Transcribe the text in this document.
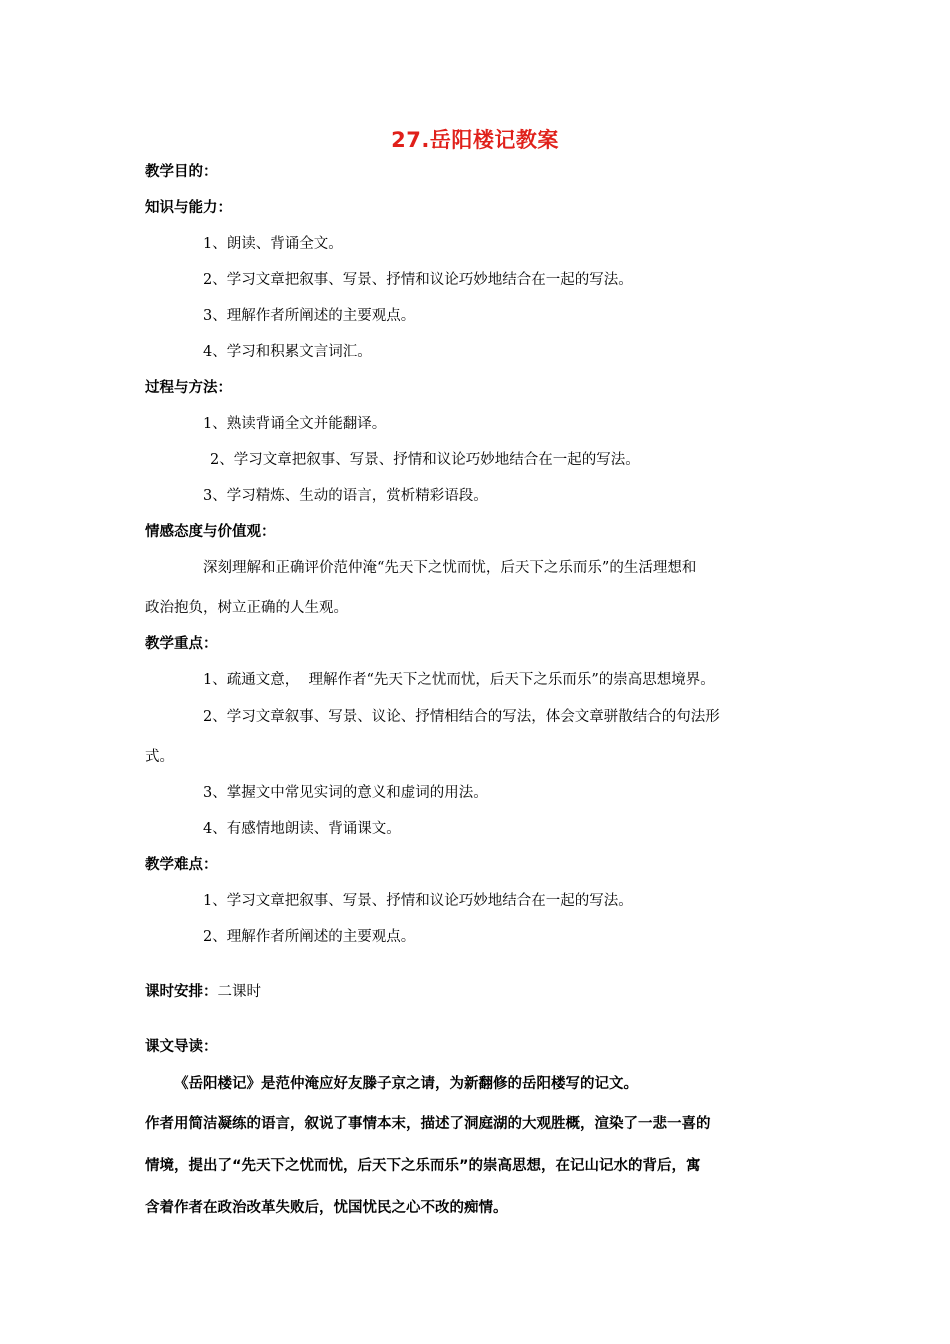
27.岳阳楼记教案
教学目的：
知识与能力：
1、朗读、背诵全文。
2、学习文章把叙事、写景、抒情和议论巧妙地结合在一起的写法。
3、理解作者所阐述的主要观点。
4、学习和积累文言词汇。
过程与方法：
1、熟读背诵全文并能翻译。
2、学习文章把叙事、写景、抒情和议论巧妙地结合在一起的写法。
3、学习精炼、生动的语言，赏析精彩语段。
情感态度与价值观：
深刻理解和正确评价范仲淹“先天下之忧而忧，后天下之乐而乐”的生活理想和
政治抱负，树立正确的人生观。
教学重点：
1、疏通文意，  理解作者“先天下之忧而忧，后天下之乐而乐”的崇高思想境界。
2、学习文章叙事、写景、议论、抒情相结合的写法，体会文章骈散结合的句法形
式。
3、掌握文中常见实词的意义和虚词的用法。
4、有感情地朗读、背诵课文。
教学难点：
1、学习文章把叙事、写景、抒情和议论巧妙地结合在一起的写法。
2、理解作者所阐述的主要观点。
课时安排：二课时
课文导读：
《岳阳楼记》是范仲淹应好友滕子京之请，为新翻修的岳阳楼写的记文。
作者用简洁凝练的语言，叙说了事情本末，描述了洞庭湖的大观胜概，渲染了一悲一喜的
情境，提出了“先天下之忧而忧，后天下之乐而乐”的崇高思想，在记山记水的背后，寓
含着作者在政治改革失败后，忧国忧民之心不改的痴情。
